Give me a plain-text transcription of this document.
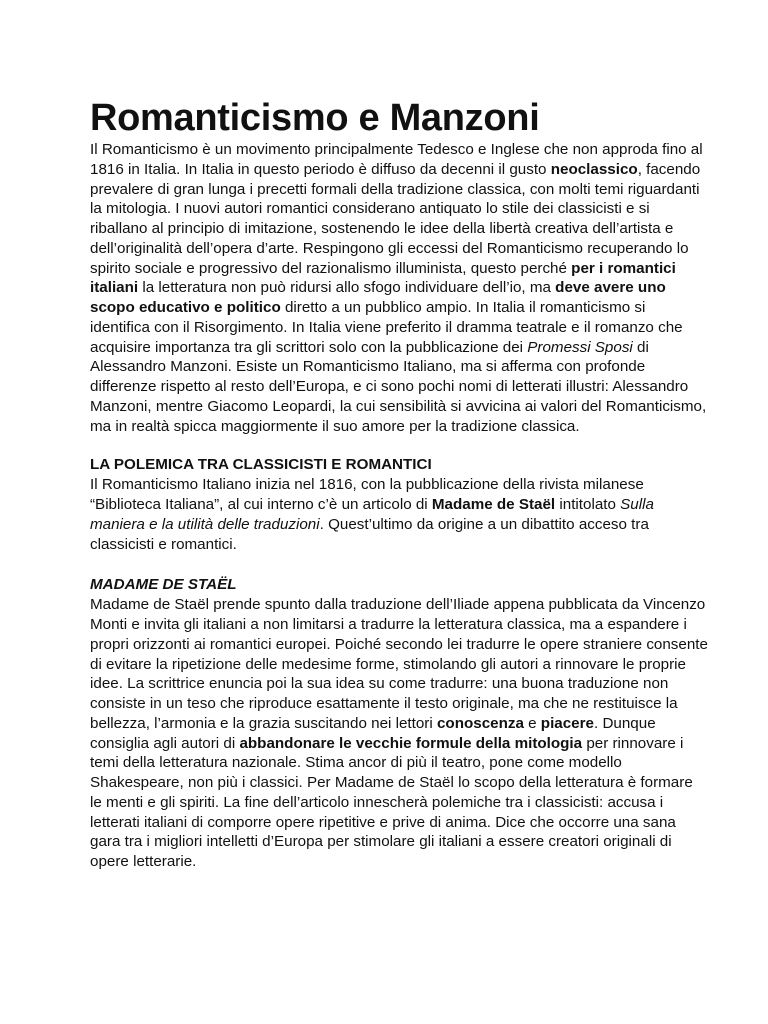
Romanticismo e Manzoni

Il Romanticismo è un movimento principalmente Tedesco e Inglese che non approda fino al 1816 in Italia. In Italia in questo periodo è diffuso da decenni il gusto neoclassico, facendo prevalere di gran lunga i precetti formali della tradizione classica, con molti temi riguardanti la mitologia. I nuovi autori romantici considerano antiquato lo stile dei classicisti e si riballano al principio di imitazione, sostenendo le idee della libertà creativa dell’artista e dell’originalità dell’opera d’arte. Respingono gli eccessi del Romanticismo recuperando lo spirito sociale e progressivo del razionalismo illuminista, questo perché per i romantici italiani la letteratura non può ridursi allo sfogo individuare dell’io, ma deve avere uno scopo educativo e politico diretto a un pubblico ampio. In Italia il romanticismo si identifica con il Risorgimento. In Italia viene preferito il dramma teatrale e il romanzo che acquisire importanza tra gli scrittori solo con la pubblicazione dei Promessi Sposi di Alessandro Manzoni. Esiste un Romanticismo Italiano, ma si afferma con profonde differenze rispetto al resto dell’Europa, e ci sono pochi nomi di letterati illustri: Alessandro Manzoni, mentre Giacomo Leopardi, la cui sensibilità si avvicina ai valori del Romanticismo, ma in realtà spicca maggiormente il suo amore per la tradizione classica.

LA POLEMICA TRA CLASSICISTI E ROMANTICI

Il Romanticismo Italiano inizia nel 1816, con la pubblicazione della rivista milanese “Biblioteca Italiana”, al cui interno c’è un articolo di Madame de Staël intitolato Sulla maniera e la utilità delle traduzioni. Quest’ultimo da origine a un dibattito acceso tra classicisti e romantici.

MADAME DE STAËL

Madame de Staël prende spunto dalla traduzione dell’Iliade appena pubblicata da Vincenzo Monti e invita gli italiani a non limitarsi a tradurre la letteratura classica, ma a espandere i propri orizzonti ai romantici europei. Poiché secondo lei tradurre le opere straniere consente di evitare la ripetizione delle medesime forme, stimolando gli autori a rinnovare le proprie idee. La scrittrice enuncia poi la sua idea su come tradurre: una buona traduzione non consiste in un teso che riproduce esattamente il testo originale, ma che ne restituisce la bellezza, l’armonia e la grazia suscitando nei lettori conoscenza e piacere. Dunque consiglia agli autori di abbandonare le vecchie formule della mitologia per rinnovare i temi della letteratura nazionale. Stima ancor di più il teatro, pone come modello Shakespeare, non più i classici. Per Madame de Staël lo scopo della letteratura è formare le menti e gli spiriti. La fine dell’articolo innescherà polemiche tra i classicisti: accusa i letterati italiani di comporre opere ripetitive e prive di anima. Dice che occorre una sana gara tra i migliori intelletti d’Europa per stimolare gli italiani a essere creatori originali di opere letterarie.
